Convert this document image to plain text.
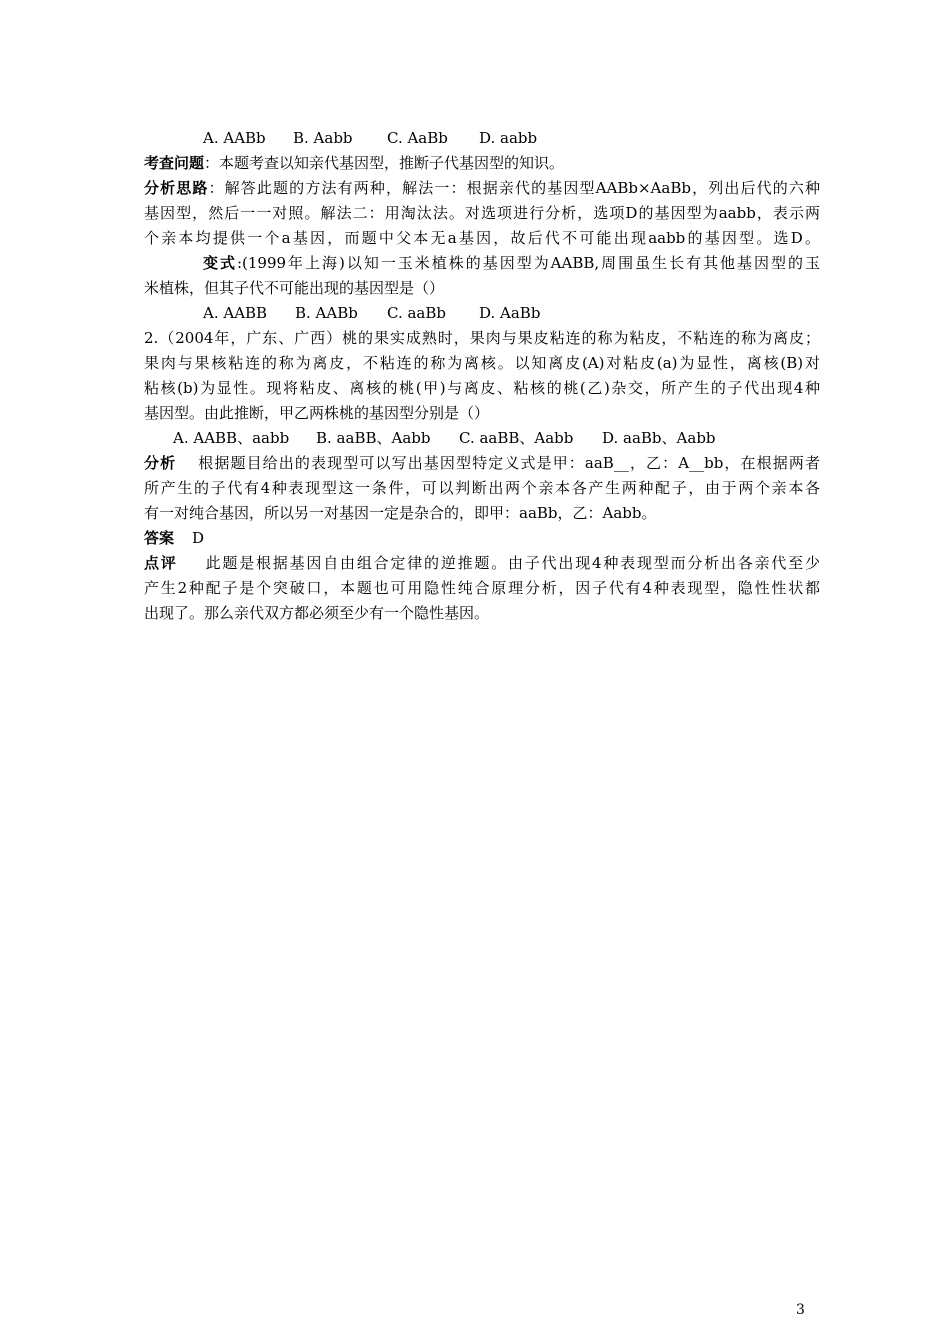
A. AABb B. Aabb C. AaBb D. aabb
考查问题：本题考查以知亲代基因型，推断子代基因型的知识。
分析思路：解答此题的方法有两种，解法一：根据亲代的基因型AABb×AaBb，列出后代的六种
基因型，然后一一对照。解法二：用淘汰法。对选项进行分析，选项D的基因型为aabb，表示两
个亲本均提供一个a基因，而题中父本无a基因，故后代不可能出现aabb的基因型。选D。
变式:(1999年上海)以知一玉米植株的基因型为AABB,周围虽生长有其他基因型的玉
米植株，但其子代不可能出现的基因型是（）
A. AABB B. AABb C. aaBb D. AaBb
2.（2004年，广东、广西）桃的果实成熟时，果肉与果皮粘连的称为粘皮，不粘连的称为离皮；
果肉与果核粘连的称为离皮，不粘连的称为离核。以知离皮(A)对粘皮(a)为显性，离核(B)对
粘核(b)为显性。现将粘皮、离核的桃(甲)与离皮、粘核的桃(乙)杂交，所产生的子代出现4种
基因型。由此推断，甲乙两株桃的基因型分别是（）
A. AABB、aabb B. aaBB、Aabb C. aaBB、Aabb D. aaBb、Aabb
分析 根据题目给出的表现型可以写出基因型特定义式是甲：aaB__，乙：A__bb，在根据两者
所产生的子代有4种表现型这一条件，可以判断出两个亲本各产生两种配子，由于两个亲本各
有一对纯合基因，所以另一对基因一定是杂合的，即甲：aaBb，乙：Aabb。
答案 D
点评 此题是根据基因自由组合定律的逆推题。由子代出现4种表现型而分析出各亲代至少
产生2种配子是个突破口，本题也可用隐性纯合原理分析，因子代有4种表现型，隐性性状都
出现了。那么亲代双方都必须至少有一个隐性基因。
3
